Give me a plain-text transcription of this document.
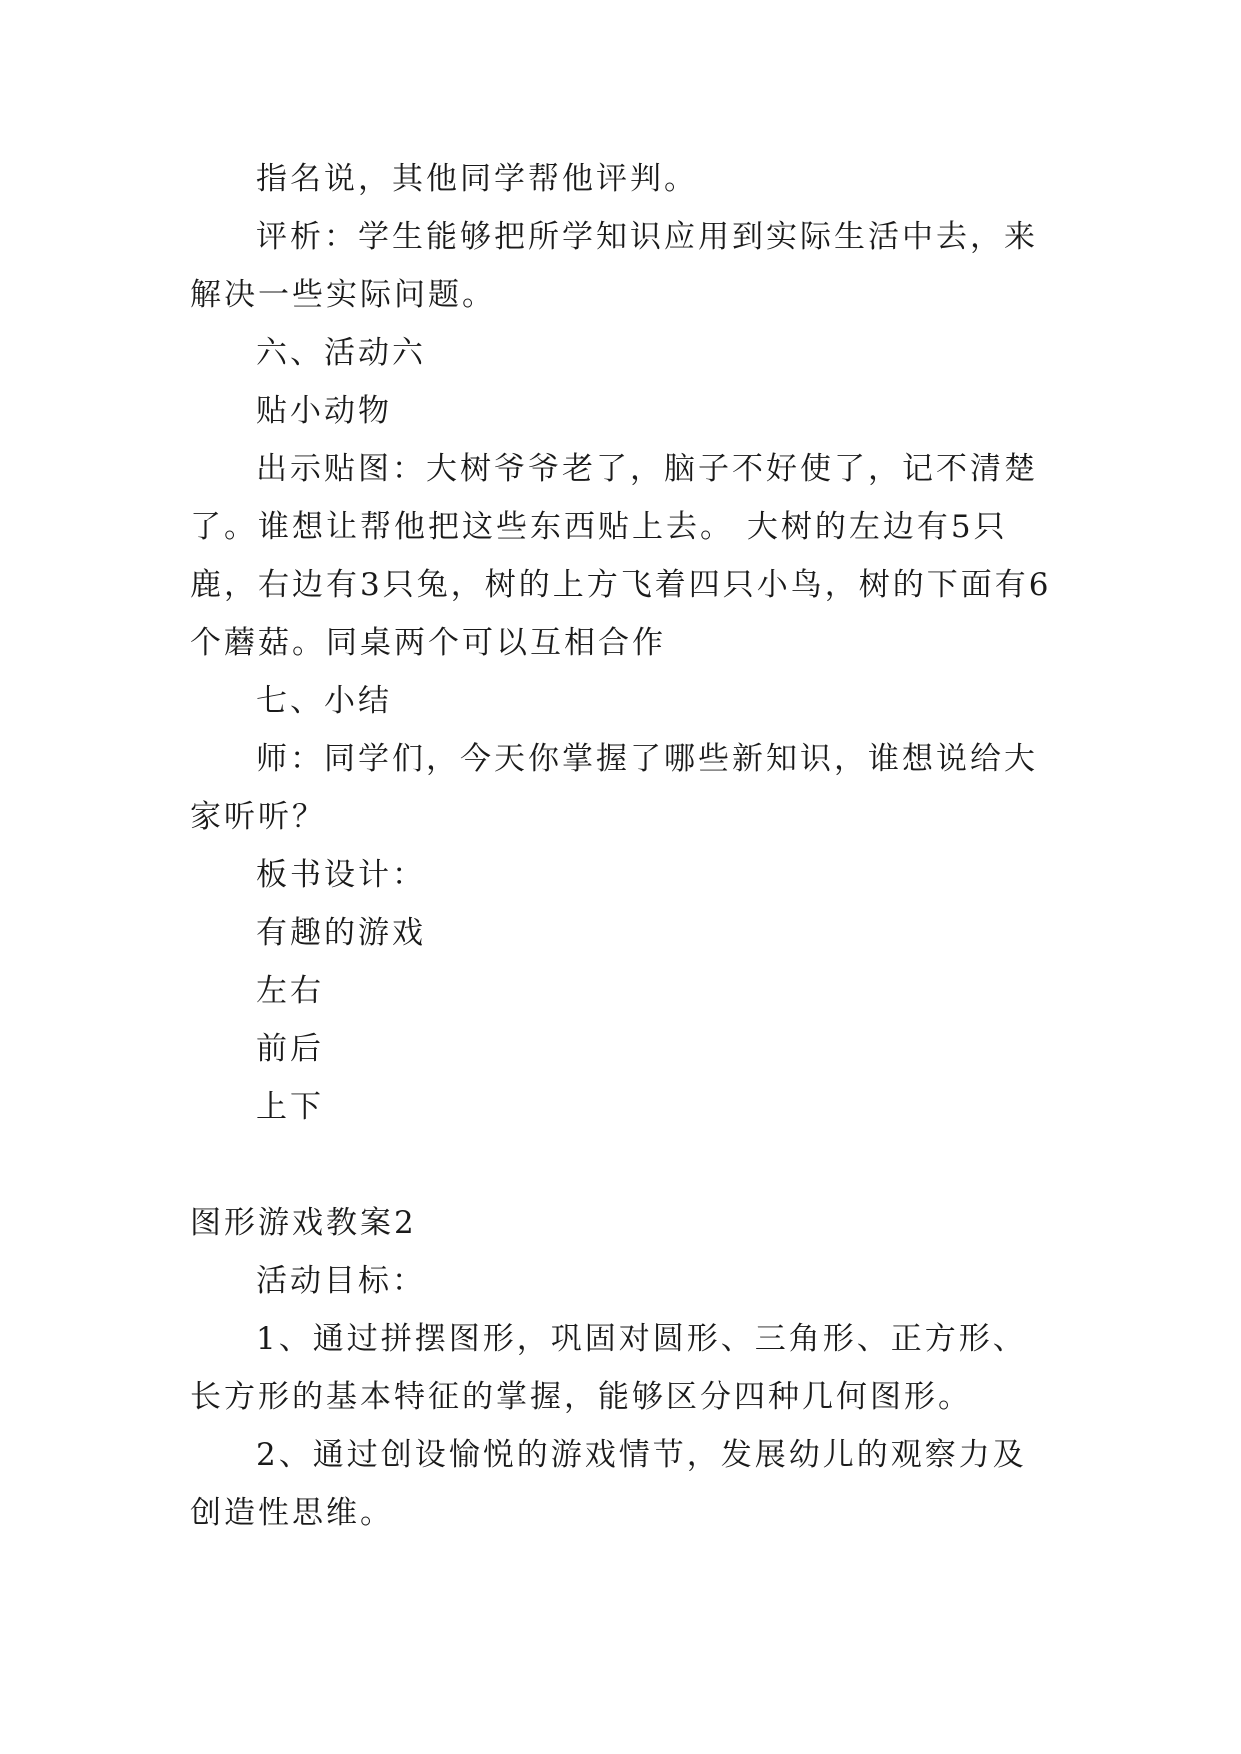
指名说，其他同学帮他评判。

评析：学生能够把所学知识应用到实际生活中去，来解决一些实际问题。

六、活动六

贴小动物

出示贴图：大树爷爷老了，脑子不好使了，记不清楚了。谁想让帮他把这些东西贴上去。 大树的左边有5只鹿，右边有3只兔，树的上方飞着四只小鸟，树的下面有6个蘑菇。同桌两个可以互相合作

七、小结

师：同学们，今天你掌握了哪些新知识，谁想说给大家听听？

板书设计：

有趣的游戏

左右

前后

上下

图形游戏教案2

活动目标：

1、通过拼摆图形，巩固对圆形、三角形、正方形、长方形的基本特征的掌握，能够区分四种几何图形。

2、通过创设愉悦的游戏情节，发展幼儿的观察力及创造性思维。
